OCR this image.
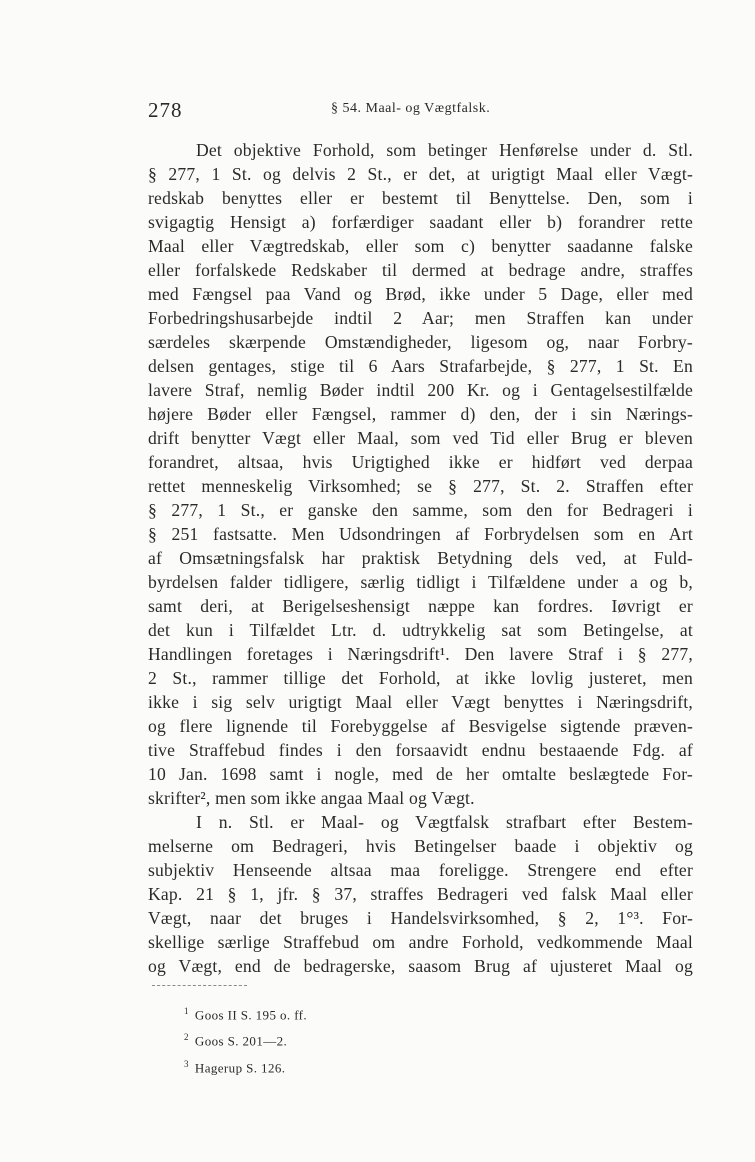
278	§ 54. Maal- og Vægtfalsk.
Det objektive Forhold, som betinger Henførelse under d. Stl.
§ 277, 1 St. og delvis 2 St., er det, at urigtigt Maal eller Vægt-
redskab benyttes eller er bestemt til Benyttelse. Den, som i
svigagtig Hensigt a) forfærdiger saadant eller b) forandrer rette
Maal eller Vægtredskab, eller som c) benytter saadanne falske
eller forfalskede Redskaber til dermed at bedrage andre, straffes
med Fængsel paa Vand og Brød, ikke under 5 Dage, eller med
Forbedringshusarbejde indtil 2 Aar; men Straffen kan under
særdeles skærpende Omstændigheder, ligesom og, naar Forbry-
delsen gentages, stige til 6 Aars Strafarbejde, § 277, 1 St. En
lavere Straf, nemlig Bøder indtil 200 Kr. og i Gentagelsestilfælde
højere Bøder eller Fængsel, rammer d) den, der i sin Nærings-
drift benytter Vægt eller Maal, som ved Tid eller Brug er bleven
forandret, altsaa, hvis Urigtighed ikke er hidført ved derpaa
rettet menneskelig Virksomhed; se § 277, St. 2. Straffen efter
§ 277, 1 St., er ganske den samme, som den for Bedrageri i
§ 251 fastsatte. Men Udsondringen af Forbrydelsen som en Art
af Omsætningsfalsk har praktisk Betydning dels ved, at Fuld-
byrdelsen falder tidligere, særlig tidligt i Tilfældene under a og b,
samt deri, at Berigelseshensigt næppe kan fordres. Iøvrigt er
det kun i Tilfældet Ltr. d. udtrykkelig sat som Betingelse, at
Handlingen foretages i Næringsdrift¹. Den lavere Straf i § 277,
2 St., rammer tillige det Forhold, at ikke lovlig justeret, men
ikke i sig selv urigtigt Maal eller Vægt benyttes i Næringsdrift,
og flere lignende til Forebyggelse af Besvigelse sigtende præven-
tive Straffebud findes i den forsaavidt endnu bestaaende Fdg. af
10 Jan. 1698 samt i nogle, med de her omtalte beslægtede For-
skrifter², men som ikke angaa Maal og Vægt.
I n. Stl. er Maal- og Vægtfalsk strafbart efter Bestem-
melserne om Bedrageri, hvis Betingelser baade i objektiv og
subjektiv Henseende altsaa maa foreligge. Strengere end efter
Kap. 21 § 1, jfr. § 37, straffes Bedrageri ved falsk Maal eller
Vægt, naar det bruges i Handelsvirksomhed, § 2, 1°³. For-
skellige særlige Straffebud om andre Forhold, vedkommende Maal
og Vægt, end de bedragerske, saasom Brug af ujusteret Maal og
$^1$ Goos II S. 195 o. ff.
$^2$ Goos S. 201—2.
$^3$ Hagerup S. 126.
